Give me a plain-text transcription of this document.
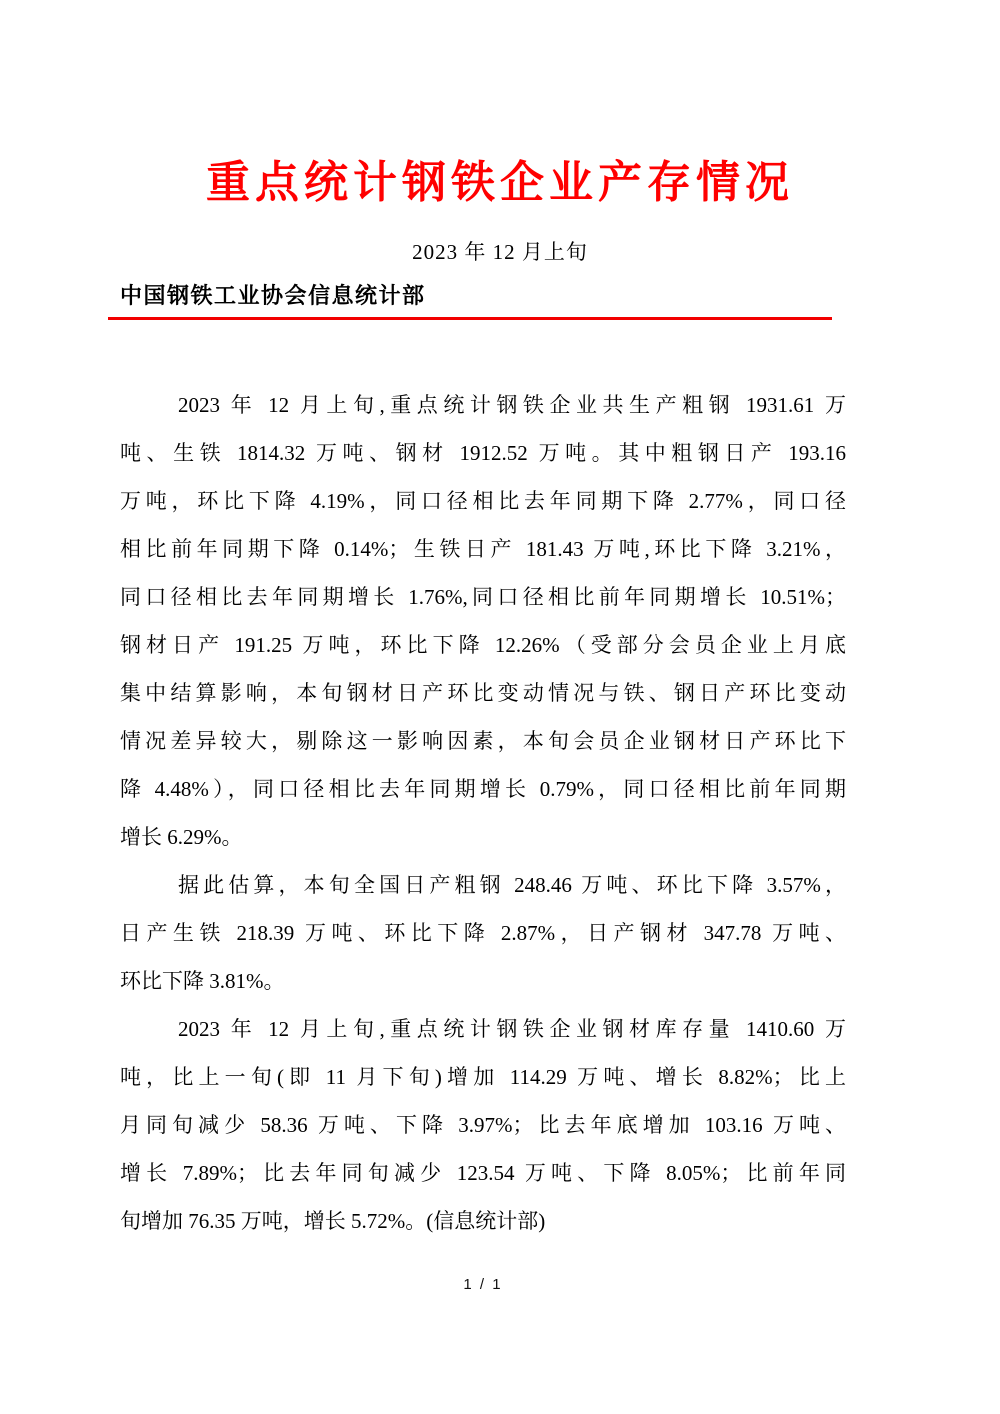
重点统计钢铁企业产存情况
2023 年 12 月上旬
中国钢铁工业协会信息统计部
2023 年 12 月上旬,重点统计钢铁企业共生产粗钢 1931.61 万
吨、生铁 1814.32 万吨、钢材 1912.52 万吨。其中粗钢日产 193.16
万吨，环比下降 4.19%，同口径相比去年同期下降 2.77%，同口径
相比前年同期下降 0.14%；生铁日产 181.43 万吨,环比下降 3.21%，
同口径相比去年同期增长 1.76%,同口径相比前年同期增长 10.51%；
钢材日产 191.25 万吨，环比下降 12.26%（受部分会员企业上月底
集中结算影响，本旬钢材日产环比变动情况与铁、钢日产环比变动
情况差异较大，剔除这一影响因素，本旬会员企业钢材日产环比下
降 4.48%），同口径相比去年同期增长 0.79%，同口径相比前年同期
增长 6.29%。
据此估算，本旬全国日产粗钢 248.46 万吨、环比下降 3.57%，
日产生铁 218.39 万吨、环比下降 2.87%，日产钢材 347.78 万吨、
环比下降 3.81%。
2023 年 12 月上旬,重点统计钢铁企业钢材库存量 1410.60 万
吨，比上一旬(即 11 月下旬)增加 114.29 万吨、增长 8.82%；比上
月同旬减少 58.36 万吨、下降 3.97%；比去年底增加 103.16 万吨、
增长 7.89%；比去年同旬减少 123.54 万吨、下降 8.05%；比前年同
旬增加 76.35 万吨，增长 5.72%。(信息统计部)
1 / 1
